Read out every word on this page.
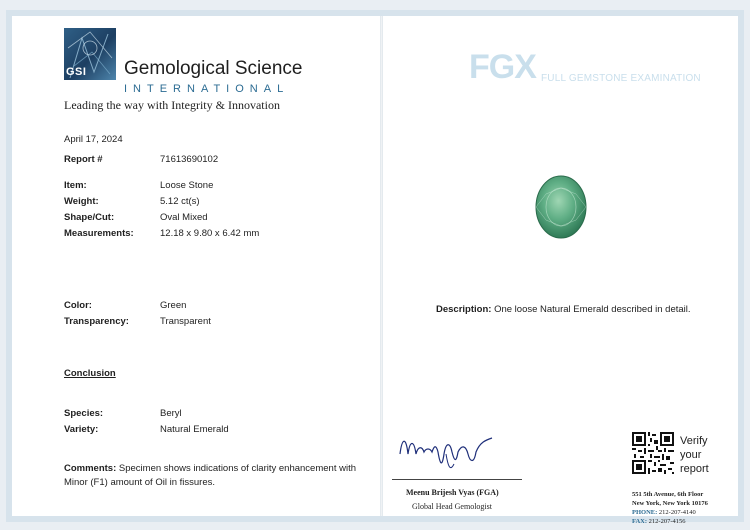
GSI Gemological Science
INTERNATIONAL
Leading the way with Integrity & Innovation
April 17, 2024
Report #	71613690102
Item:	Loose Stone
Weight:	5.12 ct(s)
Shape/Cut:	Oval Mixed
Measurements:	12.18 x 9.80 x 6.42 mm
Color:	Green
Transparency:	Transparent
Conclusion
Species:	Beryl
Variety:	Natural Emerald
Comments: Specimen shows indications of clarity enhancement with Minor (F1) amount of Oil in fissures.
FGX FULL GEMSTONE EXAMINATION
Description: One loose Natural Emerald described in detail.
Meenu Brijesh Vyas (FGA)
Global Head Gemologist
Verify
your
report
551 5th Avenue, 6th Floor
New York, New York 10176
PHONE: 212-207-4140
FAX: 212-207-4156
